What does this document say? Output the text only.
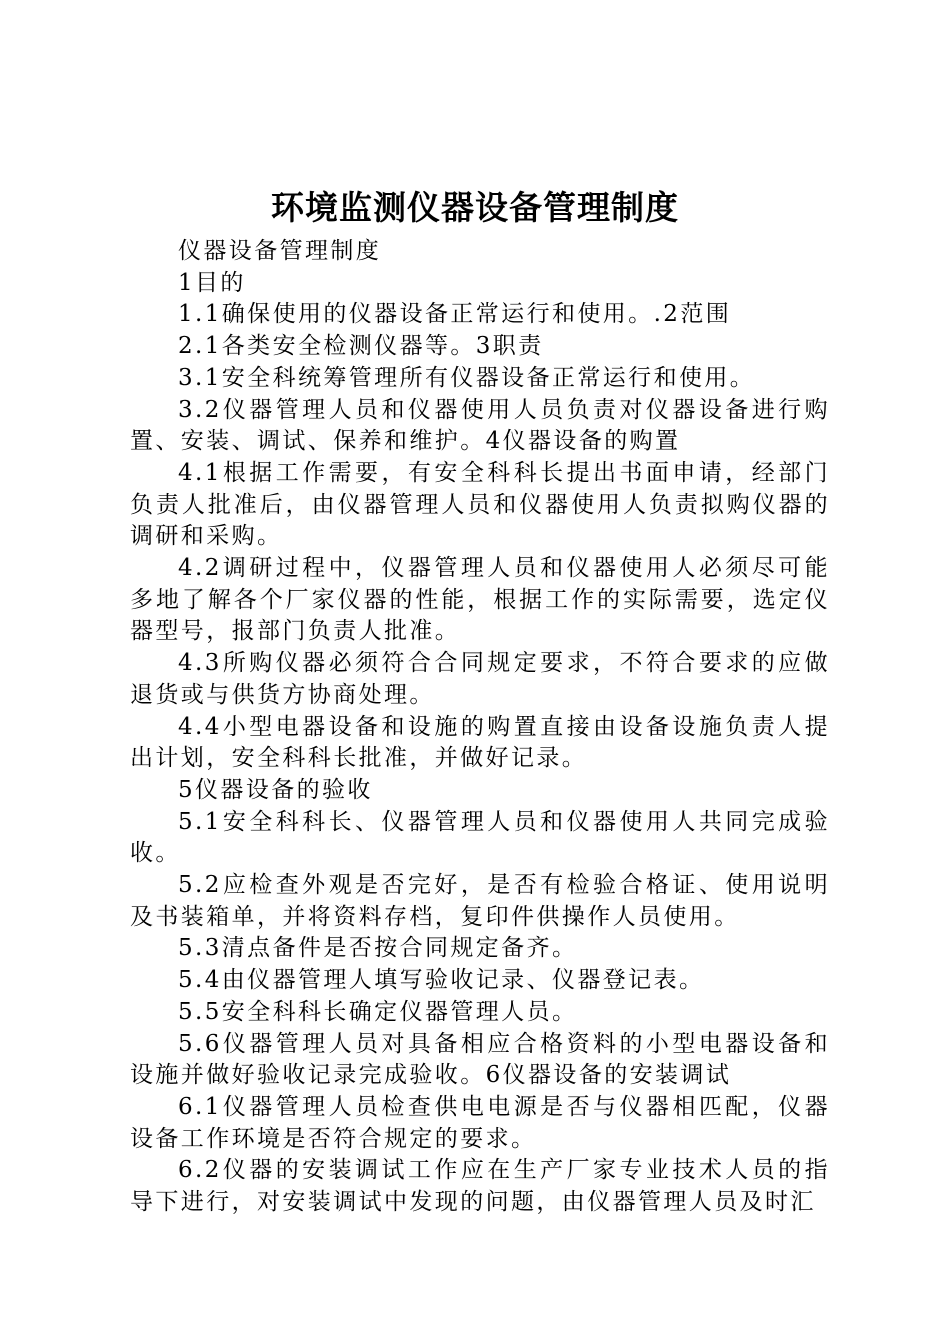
环境监测仪器设备管理制度

仪器设备管理制度

1目的

1.1确保使用的仪器设备正常运行和使用。.2范围

2.1各类安全检测仪器等。3职责

3.1安全科统筹管理所有仪器设备正常运行和使用。

3.2仪器管理人员和仪器使用人员负责对仪器设备进行购置、安装、调试、保养和维护。4仪器设备的购置

4.1根据工作需要，有安全科科长提出书面申请，经部门负责人批准后，由仪器管理人员和仪器使用人负责拟购仪器的调研和采购。

4.2调研过程中，仪器管理人员和仪器使用人必须尽可能多地了解各个厂家仪器的性能，根据工作的实际需要，选定仪器型号，报部门负责人批准。

4.3所购仪器必须符合合同规定要求，不符合要求的应做退货或与供货方协商处理。

4.4小型电器设备和设施的购置直接由设备设施负责人提出计划，安全科科长批准，并做好记录。

5仪器设备的验收

5.1安全科科长、仪器管理人员和仪器使用人共同完成验收。

5.2应检查外观是否完好，是否有检验合格证、使用说明及书装箱单，并将资料存档，复印件供操作人员使用。

5.3清点备件是否按合同规定备齐。

5.4由仪器管理人填写验收记录、仪器登记表。

5.5安全科科长确定仪器管理人员。

5.6仪器管理人员对具备相应合格资料的小型电器设备和设施并做好验收记录完成验收。6仪器设备的安装调试

6.1仪器管理人员检查供电电源是否与仪器相匹配，仪器设备工作环境是否符合规定的要求。

6.2仪器的安装调试工作应在生产厂家专业技术人员的指导下进行，对安装调试中发现的问题，由仪器管理人员及时汇
